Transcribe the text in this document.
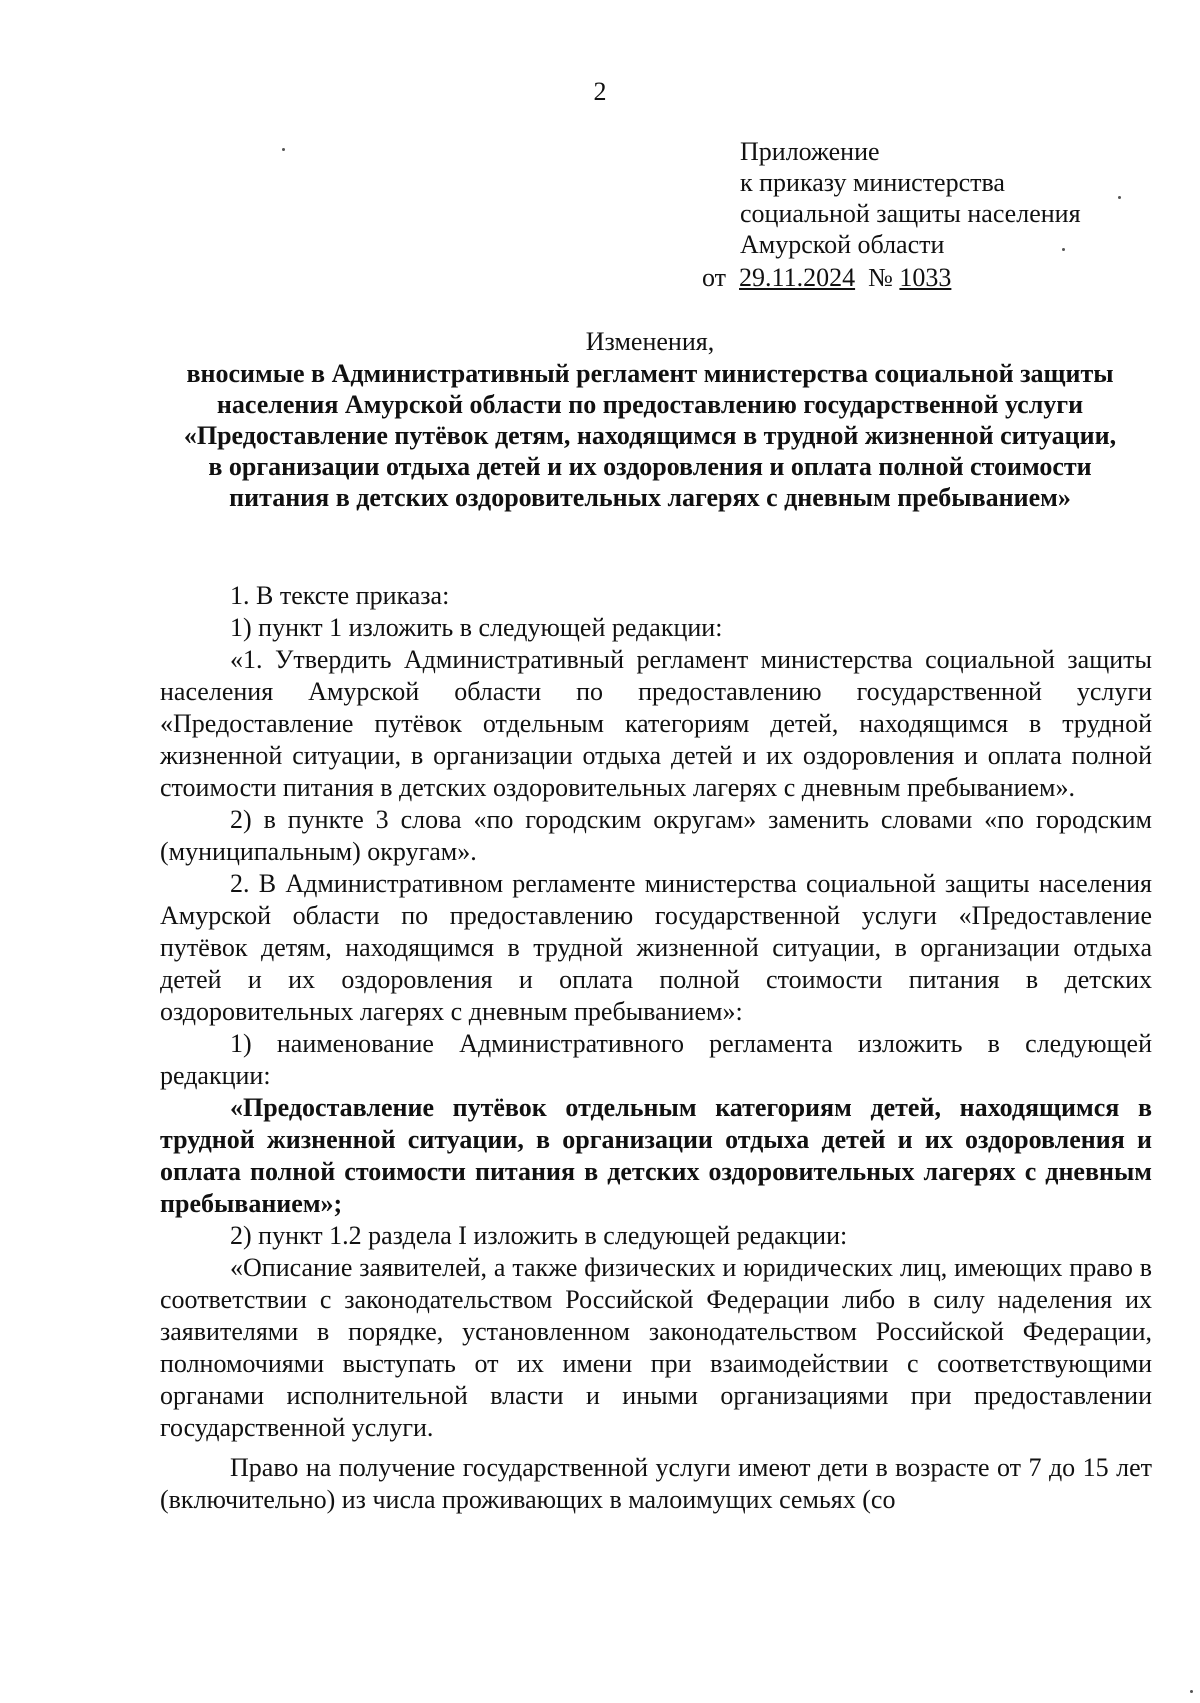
2
Приложение
к приказу министерства
социальной защиты населения
Амурской области
от 29.11.2024 № 1033
Изменения,
вносимые в Административный регламент министерства социальной защиты населения Амурской области по предоставлению государственной услуги «Предоставление путёвок детям, находящимся в трудной жизненной ситуации, в организации отдыха детей и их оздоровления и оплата полной стоимости питания в детских оздоровительных лагерях с дневным пребыванием»

1. В тексте приказа:

1) пункт 1 изложить в следующей редакции:

«1. Утвердить Административный регламент министерства социальной защиты населения Амурской области по предоставлению государственной услуги «Предоставление путёвок отдельным категориям детей, находящимся в трудной жизненной ситуации, в организации отдыха детей и их оздоровления и оплата полной стоимости питания в детских оздоровительных лагерях с дневным пребыванием».

2) в пункте 3 слова «по городским округам» заменить словами «по городским (муниципальным) округам».

2. В Административном регламенте министерства социальной защиты населения Амурской области по предоставлению государственной услуги «Предоставление путёвок детям, находящимся в трудной жизненной ситуации, в организации отдыха детей и их оздоровления и оплата полной стоимости питания в детских оздоровительных лагерях с дневным пребыванием»:

1) наименование Административного регламента изложить в следующей редакции:

«Предоставление путёвок отдельным категориям детей, находящимся в трудной жизненной ситуации, в организации отдыха детей и их оздоровления и оплата полной стоимости питания в детских оздоровительных лагерях с дневным пребыванием»;

2) пункт 1.2 раздела I изложить в следующей редакции:

«Описание заявителей, а также физических и юридических лиц, имеющих право в соответствии с законодательством Российской Федерации либо в силу наделения их заявителями в порядке, установленном законодательством Российской Федерации, полномочиями выступать от их имени при взаимодействии с соответствующими органами исполнительной власти и иными организациями при предоставлении государственной услуги.

Право на получение государственной услуги имеют дети в возрасте от 7 до 15 лет (включительно) из числа проживающих в малоимущих семьях (со
